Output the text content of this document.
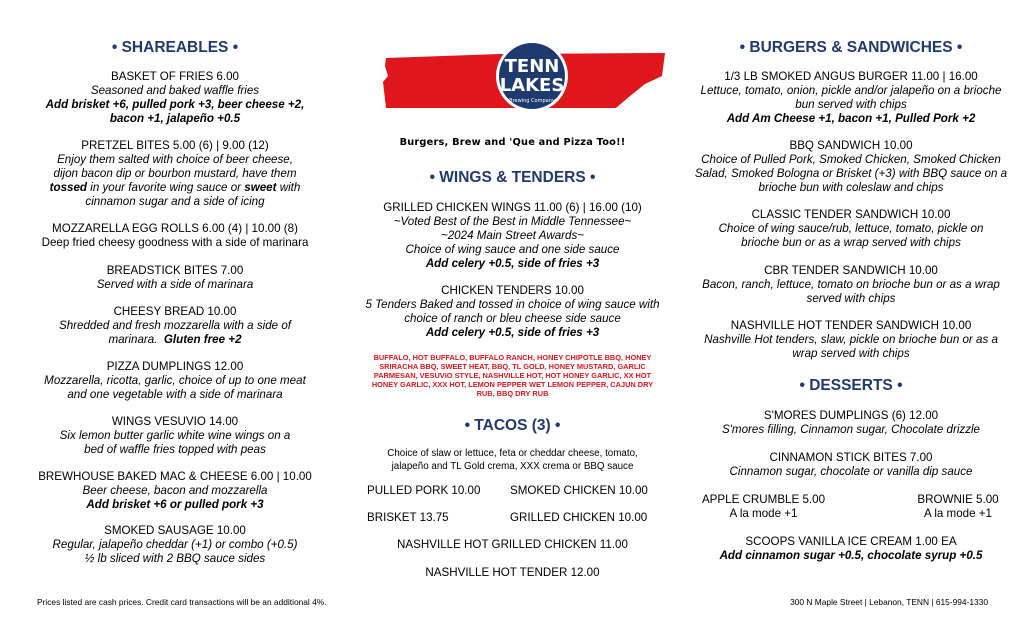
• SHAREABLES •
BASKET OF FRIES 6.00
Seasoned and baked waffle fries
Add brisket +6, pulled pork +3, beer cheese +2, bacon +1, jalapeño +0.5
PRETZEL BITES 5.00 (6) | 9.00 (12)
Enjoy them salted with choice of beer cheese, dijon bacon dip or bourbon mustard, have them tossed in your favorite wing sauce or sweet with cinnamon sugar and a side of icing
MOZZARELLA EGG ROLLS 6.00 (4) | 10.00 (8)
Deep fried cheesy goodness with a side of marinara
BREADSTICK BITES 7.00
Served with a side of marinara
CHEESY BREAD 10.00
Shredded and fresh mozzarella with a side of marinara. Gluten free +2
PIZZA DUMPLINGS 12.00
Mozzarella, ricotta, garlic, choice of up to one meat and one vegetable with a side of marinara
WINGS VESUVIO 14.00
Six lemon butter garlic white wine wings on a bed of waffle fries topped with peas
BREWHOUSE BAKED MAC & CHEESE 6.00 | 10.00
Beer cheese, bacon and mozzarella
Add brisket +6 or pulled pork +3
SMOKED SAUSAGE 10.00
Regular, jalapeño cheddar (+1) or combo (+0.5)
½ lb sliced with 2 BBQ sauce sides
TENN
LAKES
Brewing Company
Burgers, Brew and 'Que and Pizza Too!!
• WINGS & TENDERS •
GRILLED CHICKEN WINGS 11.00 (6) | 16.00 (10)
~Voted Best of the Best in Middle Tennessee~
~2024 Main Street Awards~
Choice of wing sauce and one side sauce
Add celery +0.5, side of fries +3
CHICKEN TENDERS 10.00
5 Tenders Baked and tossed in choice of wing sauce with choice of ranch or bleu cheese side sauce
Add celery +0.5, side of fries +3
BUFFALO, HOT BUFFALO, BUFFALO RANCH, HONEY CHIPOTLE BBQ, HONEY SRIRACHA BBQ, SWEET HEAT, BBQ, TL GOLD, HONEY MUSTARD, GARLIC PARMESAN, VESUVIO STYLE, NASHVILLE HOT, HOT HONEY GARLIC, XX HOT HONEY GARLIC, XXX HOT, LEMON PEPPER WET LEMON PEPPER, CAJUN DRY RUB, BBQ DRY RUB
• TACOS (3) •
Choice of slaw or lettuce, feta or cheddar cheese, tomato, jalapeño and TL Gold crema, XXX crema or BBQ sauce
PULLED PORK 10.00	SMOKED CHICKEN 10.00
BRISKET 13.75	GRILLED CHICKEN 10.00
NASHVILLE HOT GRILLED CHICKEN 11.00
NASHVILLE HOT TENDER 12.00
• BURGERS & SANDWICHES •
1/3 LB SMOKED ANGUS BURGER 11.00 | 16.00
Lettuce, tomato, onion, pickle and/or jalapeño on a brioche bun served with chips
Add Am Cheese +1, bacon +1, Pulled Pork +2
BBQ SANDWICH 10.00
Choice of Pulled Pork, Smoked Chicken, Smoked Chicken Salad, Smoked Bologna or Brisket (+3) with BBQ sauce on a brioche bun with coleslaw and chips
CLASSIC TENDER SANDWICH 10.00
Choice of wing sauce/rub, lettuce, tomato, pickle on brioche bun or as a wrap served with chips
CBR TENDER SANDWICH 10.00
Bacon, ranch, lettuce, tomato on brioche bun or as a wrap served with chips
NASHVILLE HOT TENDER SANDWICH 10.00
Nashville Hot tenders, slaw, pickle on brioche bun or as a wrap served with chips
• DESSERTS •
S'MORES DUMPLINGS (6) 12.00
S'mores filling, Cinnamon sugar, Chocolate drizzle
CINNAMON STICK BITES 7.00
Cinnamon sugar, chocolate or vanilla dip sauce
APPLE CRUMBLE 5.00
A la mode +1
BROWNIE 5.00
A la mode +1
SCOOPS VANILLA ICE CREAM 1.00 EA
Add cinnamon sugar +0.5, chocolate syrup +0.5
Prices listed are cash prices. Credit card transactions will be an additional 4%.	300 N Maple Street | Lebanon, TENN | 615-994-1330
